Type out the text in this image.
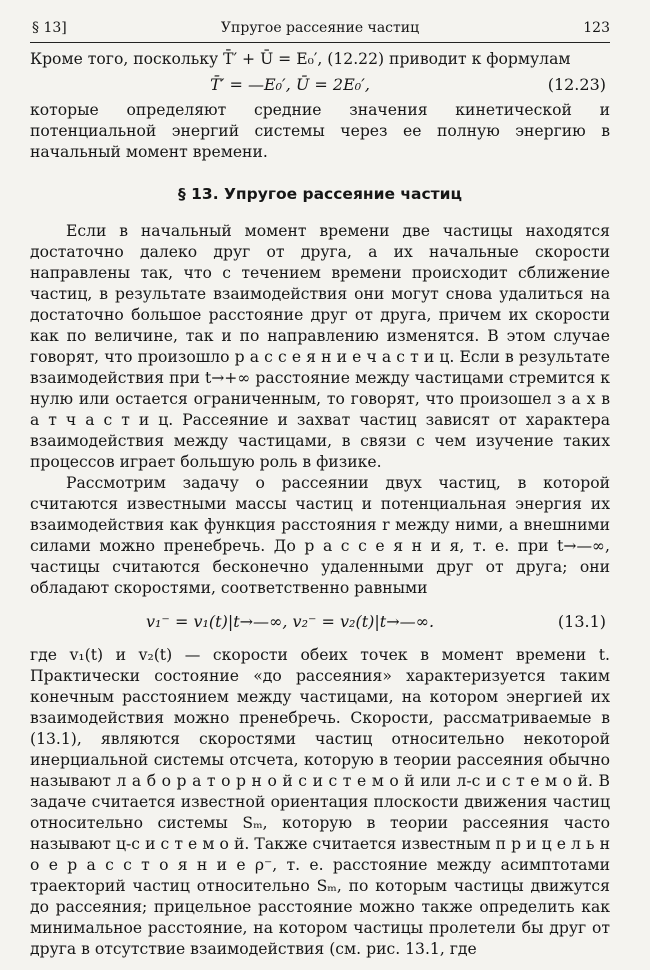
§ 13]	Упругое рассеяние частиц	123

Кроме того, поскольку T̄′ + Ū = E₀′, (12.22) приводит к формулам

T̄′ = —E₀′, Ū = 2E₀′,	(12.23)

которые определяют средние значения кинетической и потенциальной энергий системы через ее полную энергию в начальный момент времени.

§ 13. Упругое рассеяние частиц

Если в начальный момент времени две частицы находятся достаточно далеко друг от друга, а их начальные скорости направлены так, что с течением времени происходит сближение частиц, в результате взаимодействия они могут снова удалиться на достаточно большое расстояние друг от друга, причем их скорости как по величине, так и по направлению изменятся. В этом случае говорят, что произошло р а с с е я н и е ч а с т и ц. Если в результате взаимодействия при t→+∞ расстояние между частицами стремится к нулю или остается ограниченным, то говорят, что произошел з а х в а т ч а с т и ц. Рассеяние и захват частиц зависят от характера взаимодействия между частицами, в связи с чем изучение таких процессов играет большую роль в физике.

Рассмотрим задачу о рассеянии двух частиц, в которой считаются известными массы частиц и потенциальная энергия их взаимодействия как функция расстояния r между ними, а внешними силами можно пренебречь. До р а с с е я н и я, т. е. при t→—∞, частицы считаются бесконечно удаленными друг от друга; они обладают скоростями, соответственно равными

v₁⁻ = v₁(t)|t→—∞, v₂⁻ = v₂(t)|t→—∞.	(13.1)

где v₁(t) и v₂(t) — скорости обеих точек в момент времени t. Практически состояние «до рассеяния» характеризуется таким конечным расстоянием между частицами, на котором энергией их взаимодействия можно пренебречь. Скорости, рассматриваемые в (13.1), являются скоростями частиц относительно некоторой инерциальной системы отсчета, которую в теории рассеяния обычно называют л а б о р а т о р н о й с и с т е м о й или л-с и с т е м о й. В задаче считается известной ориентация плоскости движения частиц относительно системы Sₘ, которую в теории рассеяния часто называют ц-с и с т е м о й. Также считается известным п р и ц е л ь н о е р а с с т о я н и е ρ⁻, т. е. расстояние между асимптотами траекторий частиц относительно Sₘ, по которым частицы движутся до рассеяния; прицельное расстояние можно также определить как минимальное расстояние, на котором частицы пролетели бы друг от друга в отсутствие взаимодействия (см. рис. 13.1, где
